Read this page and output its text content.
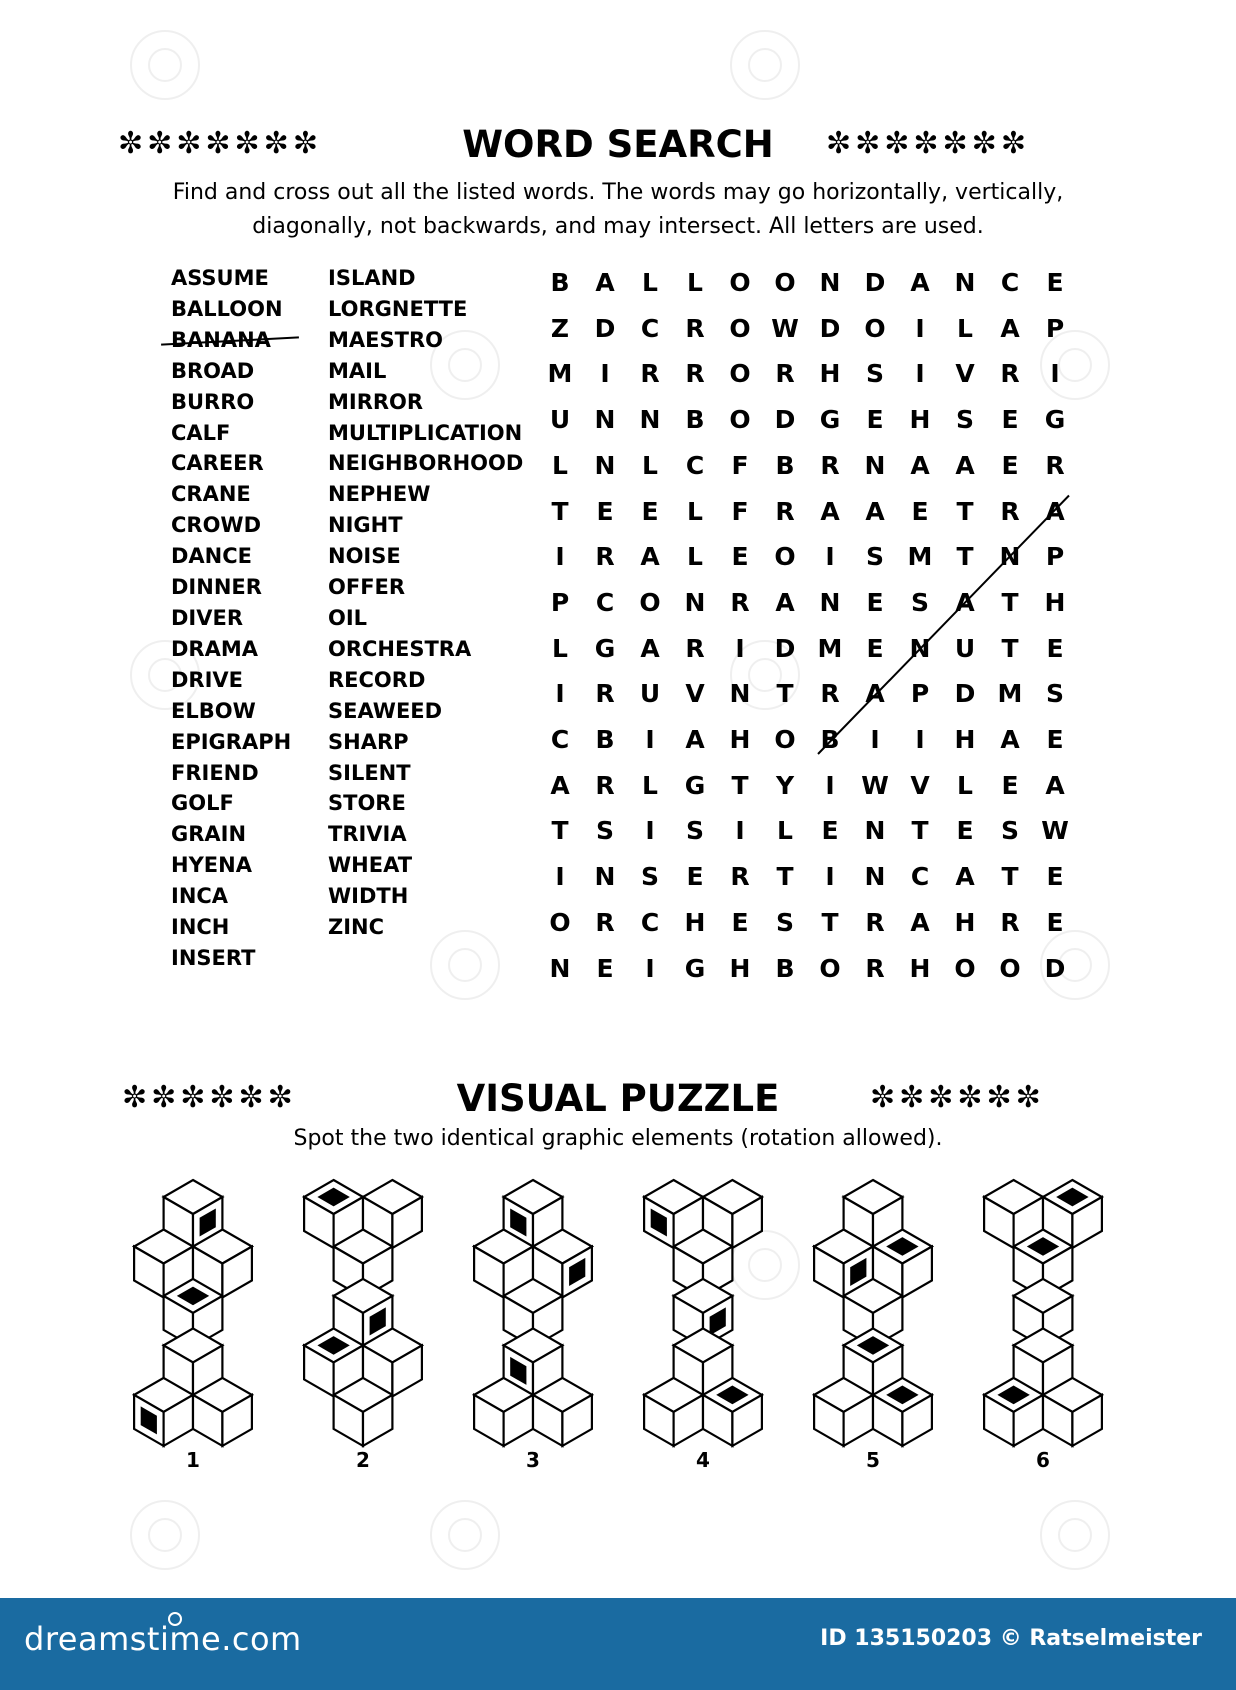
✼✼✼✼✼✼✼	WORD SEARCH	✼✼✼✼✼✼✼
Find and cross out all the listed words. The words may go horizontally, vertically,
diagonally, not backwards, and may intersect. All letters are used.
ASSUME
BALLOON
BANANA
BROAD
BURRO
CALF
CAREER
CRANE
CROWD
DANCE
DINNER
DIVER
DRAMA
DRIVE
ELBOW
EPIGRAPH
FRIEND
GOLF
GRAIN
HYENA
INCA
INCH
INSERT
ISLAND
LORGNETTE
MAESTRO
MAIL
MIRROR
MULTIPLICATION
NEIGHBORHOOD
NEPHEW
NIGHT
NOISE
OFFER
OIL
ORCHESTRA
RECORD
SEAWEED
SHARP
SILENT
STORE
TRIVIA
WHEAT
WIDTH
ZINC
B	A	L	L	O O N D A N	C	E
Z	D	C	R O W D O	I	L	A	P
M	I	R	R O R H	S	I	V	R	I
U N N	B O D G	E	H	S	E	G
L	N	L	C	F	B	R N A	A	E	R
T	E	E	L	F	R	A	A	E	T	R	A
I	R	A	L	E	O	I	S M T	N	P
P	C	O N R	A N	E	S	A	T	H
L	G	A	R	I	D M E	N U	T	E
I	R	U	V N	T	R	A	P	D M S
C	B	I	A H O B	I	I	H A	E
A	R	L	G	T	Y	I	W V	L	E	A
T	S	I	S	I	L	E	N	T	E	S W
I	N	S	E	R	T	I	N	C	A	T	E
O R	C	H	E	S	T	R	A H R	E
N	E	I	G H	B O R H O O D
✼✼✼✼✼✼	VISUAL PUZZLE	✼✼✼✼✼✼
Spot the two identical graphic elements (rotation allowed).
1	2	3	4	5	6
dreamstime.com	ID 135150203 © Ratselmeister
